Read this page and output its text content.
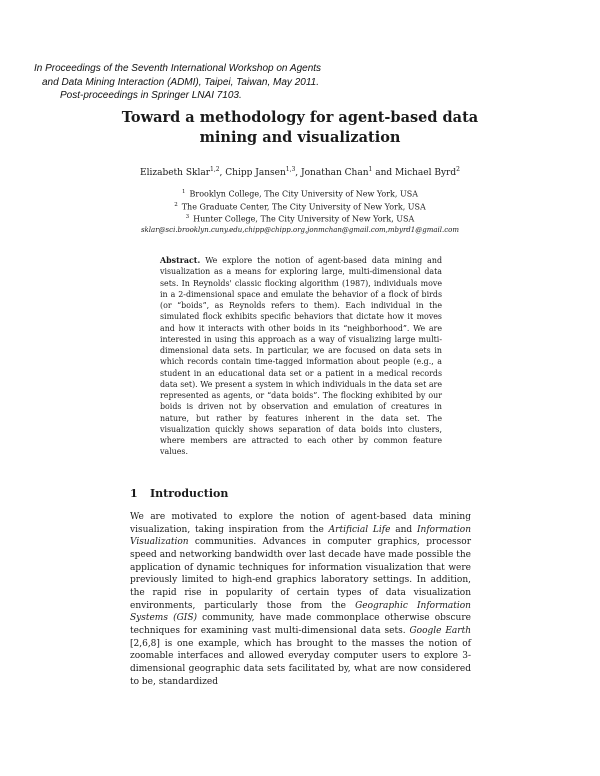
In Proceedings of the Seventh International Workshop on Agents
and Data Mining Interaction (ADMI), Taipei, Taiwan, May 2011.
Post-proceedings in Springer LNAI 7103.
Toward a methodology for agent-based data
mining and visualization
Elizabeth Sklar$^{1,2}$, Chipp Jansen$^{1,3}$, Jonathan Chan$^1$ and Michael Byrd$^2$
$^1$ Brooklyn College, The City University of New York, USA
$^2$ The Graduate Center, The City University of New York, USA
$^3$ Hunter College, The City University of New York, USA
sklar@sci.brooklyn.cuny.edu,chipp@chipp.org,jonmchan@gmail.com,mbyrd1@gmail.com
Abstract. We explore the notion of agent-based data mining and visualization as a means for exploring large, multi-dimensional data sets. In Reynolds' classic flocking algorithm (1987), individuals move in a 2-dimensional space and emulate the behavior of a flock of birds (or “boids”, as Reynolds refers to them). Each individual in the simulated flock exhibits specific behaviors that dictate how it moves and how it interacts with other boids in its “neighborhood”. We are interested in using this approach as a way of visualizing large multi-dimensional data sets. In particular, we are focused on data sets in which records contain time-tagged information about people (e.g., a student in an educational data set or a patient in a medical records data set). We present a system in which individuals in the data set are represented as agents, or “data boids”. The flocking exhibited by our boids is driven not by observation and emulation of creatures in nature, but rather by features inherent in the data set. The visualization quickly shows separation of data boids into clusters, where members are attracted to each other by common feature values.
1 Introduction
We are motivated to explore the notion of agent-based data mining visualization, taking inspiration from the Artificial Life and Information Visualization communities. Advances in computer graphics, processor speed and networking bandwidth over last decade have made possible the application of dynamic techniques for information visualization that were previously limited to high-end graphics laboratory settings. In addition, the rapid rise in popularity of certain types of data visualization environments, particularly those from the Geographic Information Systems (GIS) community, have made commonplace otherwise obscure techniques for examining vast multi-dimensional data sets. Google Earth [2,6,8] is one example, which has brought to the masses the notion of zoomable interfaces and allowed everyday computer users to explore 3-dimensional geographic data sets facilitated by, what are now considered to be, standardized
